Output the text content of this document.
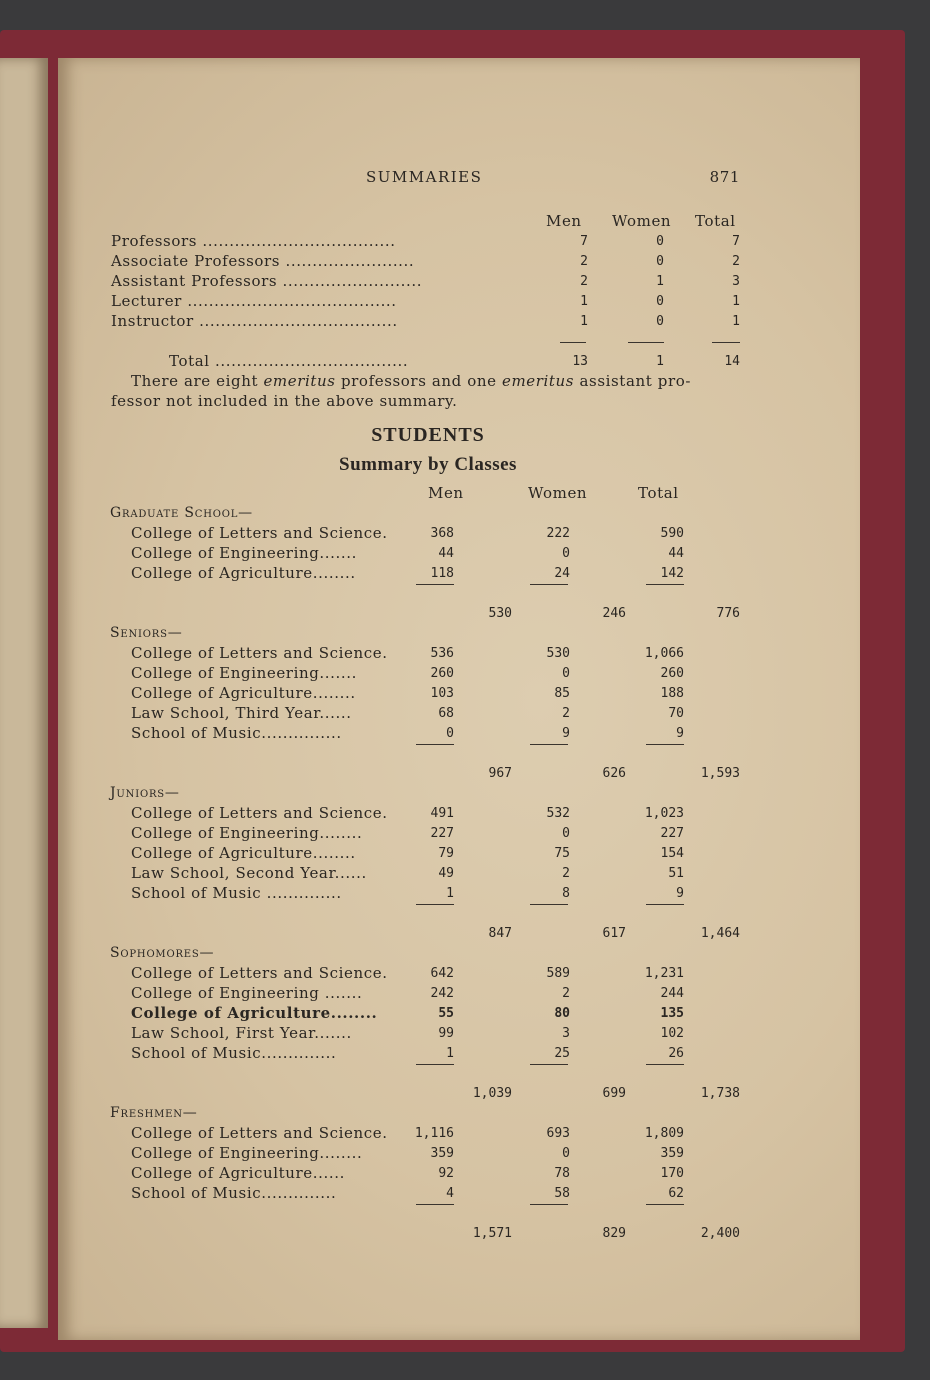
SUMMARIES	871
Men Women Total
Professors ....................................	7	0	7
Associate Professors ........................	2	0	2
Assistant Professors ..........................	2	1	3
Lecturer .......................................	1	0	1
Instructor .....................................	1	0	1
Total ....................................	13	1	14
There are eight emeritus professors and one emeritus assistant pro-
fessor not included in the above summary.
STUDENTS
Summary by Classes
Men	Women	Total
Graduate School—
College of Letters and Science.	368	222	590
College of Engineering.......	44	0	44
College of Agriculture........	118	24	142
530	246	776
Seniors—
College of Letters and Science.	536	530	1,066
College of Engineering.......	260	0	260
College of Agriculture........	103	85	188
Law School, Third Year......	68	2	70
School of Music...............	0	9	9
967	626	1,593
Juniors—
College of Letters and Science.	491	532	1,023
College of Engineering........	227	0	227
College of Agriculture........	79	75	154
Law School, Second Year......	49	2	51
School of Music ..............	1	8	9
847	617	1,464
Sophomores—
College of Letters and Science.	642	589	1,231
College of Engineering .......	242	2	244
College of Agriculture........	55	80	135
Law School, First Year.......	99	3	102
School of Music..............	1	25	26
1,039	699	1,738
Freshmen—
College of Letters and Science.	1,116	693	1,809
College of Engineering........	359	0	359
College of Agriculture......	92	78	170
School of Music..............	4	58	62
1,571	829	2,400
